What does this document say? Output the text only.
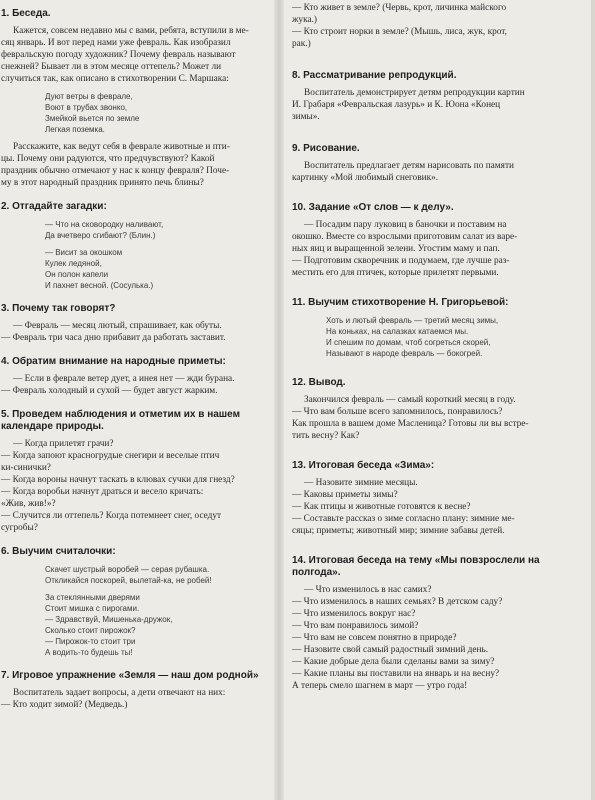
1. Беседа.

Кажется, совсем недавно мы с вами, ребята, вступили в ме-
сяц январь. И вот перед нами уже февраль. Как изобразил
февральскую погоду художник? Почему февраль называют
снежней? Бывает ли в этом месяце оттепель? Может ли
случиться так, как описано в стихотворении С. Маршака:

Дуют ветры в феврале,
Воют в трубах звонко,
Змейкой вьется по земле
Легкая поземка.

Расскажите, как ведут себя в феврале животные и пти-
цы. Почему они радуются, что предчувствуют? Какой
праздник обычно отмечают у нас к концу февраля? Поче-
му в этот народный праздник принято печь блины?

2. Отгадайте загадки:
— Что на сковородку наливают,
Да вчетверо сгибают? (Блин.)
— Висит за окошком
Кулек ледяной,
Он полон капели
И пахнет весной. (Сосулька.)
3. Почему так говорят?

— Февраль — месяц лютый, спрашивает, как обуты.
— Февраль три часа дню прибавит да работать заставит.

4. Обратим внимание на народные приметы:

— Если в феврале ветер дует, а инея нет — жди бурана.
— Февраль холодный и сухой — будет август жарким.

5. Проведем наблюдения и отметим их в нашем
календаре природы.

— Когда прилетят грачи?
— Когда запоют красногрудые снегири и веселые птич
ки-синички?
— Когда вороны начнут таскать в клювах сучки для гнезд?
— Когда воробьи начнут драться и весело кричать:
«Жив, жив!»?
— Случится ли оттепель? Когда потемнеет снег, оседут
сугробы?

6. Выучим считалочки:
Скачет шустрый воробей — серая рубашка.
Откликайся поскорей, вылетай-ка, не робей!
За стеклянными дверями
Стоит мишка с пирогами.
— Здравствуй, Мишенька-дружок,
Сколько стоит пирожок?
— Пирожок-то стоит три
А водить-то будешь ты!
7. Игровое упражнение «Земля — наш дом родной»

Воспитатель задает вопросы, а дети отвечают на них:
— Кто ходит зимой? (Медведь.)

— Кто живет в земле? (Червь, крот, личинка майского
жука.)
— Кто строит норки в земле? (Мышь, лиса, жук, крот,
рак.)

8. Рассматривание репродукций.

Воспитатель демонстрирует детям репродукции картин
И. Грабаря «Февральская лазурь» и К. Юона «Конец
зимы».

9. Рисование.

Воспитатель предлагает детям нарисовать по памяти
картинку «Мой любимый снеговик».

10. Задание «От слов — к делу».

— Посадим пару луковиц в баночки и поставим на
окошко. Вместе со взрослыми приготовим салат из варе-
ных яиц и выращенной зелени. Угостим маму и пап.
— Подготовим скворечник и подумаем, где лучше раз-
местить его для птичек, которые прилетят первыми.

11. Выучим стихотворение Н. Григорьевой:
Хоть и лютый февраль — третий месяц зимы,
На коньках, на салазках катаемся мы.
И спешим по домам, чтоб согреться скорей,
Называют в народе февраль — бокогрей.
12. Вывод.

Закончился февраль — самый короткий месяц в году.
— Что вам больше всего запомнилось, понравилось?
Как прошла в вашем доме Масленица? Готовы ли вы встре-
тить весну? Как?

13. Итоговая беседа «Зима»:

— Назовите зимние месяцы.
— Каковы приметы зимы?
— Как птицы и животные готовятся к весне?
— Составьте рассказ о зиме согласно плану: зимние ме-
сяцы; приметы; животный мир; зимние забавы детей.

14. Итоговая беседа на тему «Мы повзрослели на
полгода».

— Что изменилось в нас самих?
— Что изменилось в наших семьях? В детском саду?
— Что изменилось вокруг нас?
— Что вам понравилось зимой?
— Что вам не совсем понятно в природе?
— Назовите свой самый радостный зимний день.
— Какие добрые дела были сделаны вами за зиму?
— Какие планы вы поставили на январь и на весну?
А теперь смело шагнем в март — утро года!
